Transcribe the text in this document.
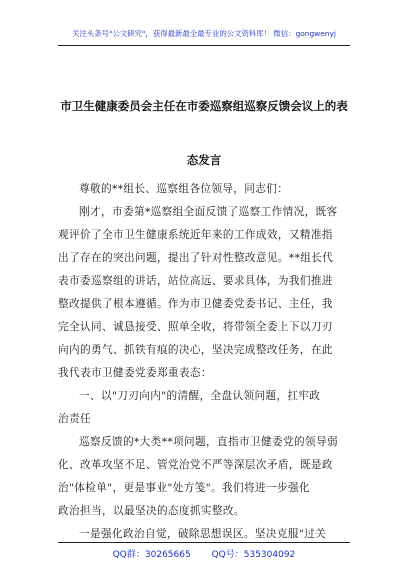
关注头条号"公文研究"，获得最新最全最专业的公文资料库！ 微信：gongwenyj
市卫生健康委员会主任在市委巡察组巡察反馈会议上的表
态发言

尊敬的**组长、巡察组各位领导，同志们：

刚才，市委第*巡察组全面反馈了巡察工作情况，既客

观评价了全市卫生健康系统近年来的工作成效，又精准指

出了存在的突出问题，提出了针对性整改意见。**组长代

表市委巡察组的讲话，站位高远、要求具体，为我们推进

整改提供了根本遵循。作为市卫健委党委书记、主任，我

完全认同、诚恳接受、照单全收，将带领全委上下以刀刃

向内的勇气、抓铁有痕的决心，坚决完成整改任务，在此

我代表市卫健委党委郑重表态：

一、以"刀刃向内"的清醒，全盘认领问题，扛牢政

治责任

巡察反馈的*大类**项问题，直指市卫健委党的领导弱

化、改革攻坚不足、管党治党不严等深层次矛盾，既是政

治"体检单"，更是事业"处方笺"。我们将进一步强化

政治担当，以最坚决的态度抓实整改。

一是强化政治自觉，破除思想误区。坚决克服"过关

QQ群：30265665 QQ号：535304092
